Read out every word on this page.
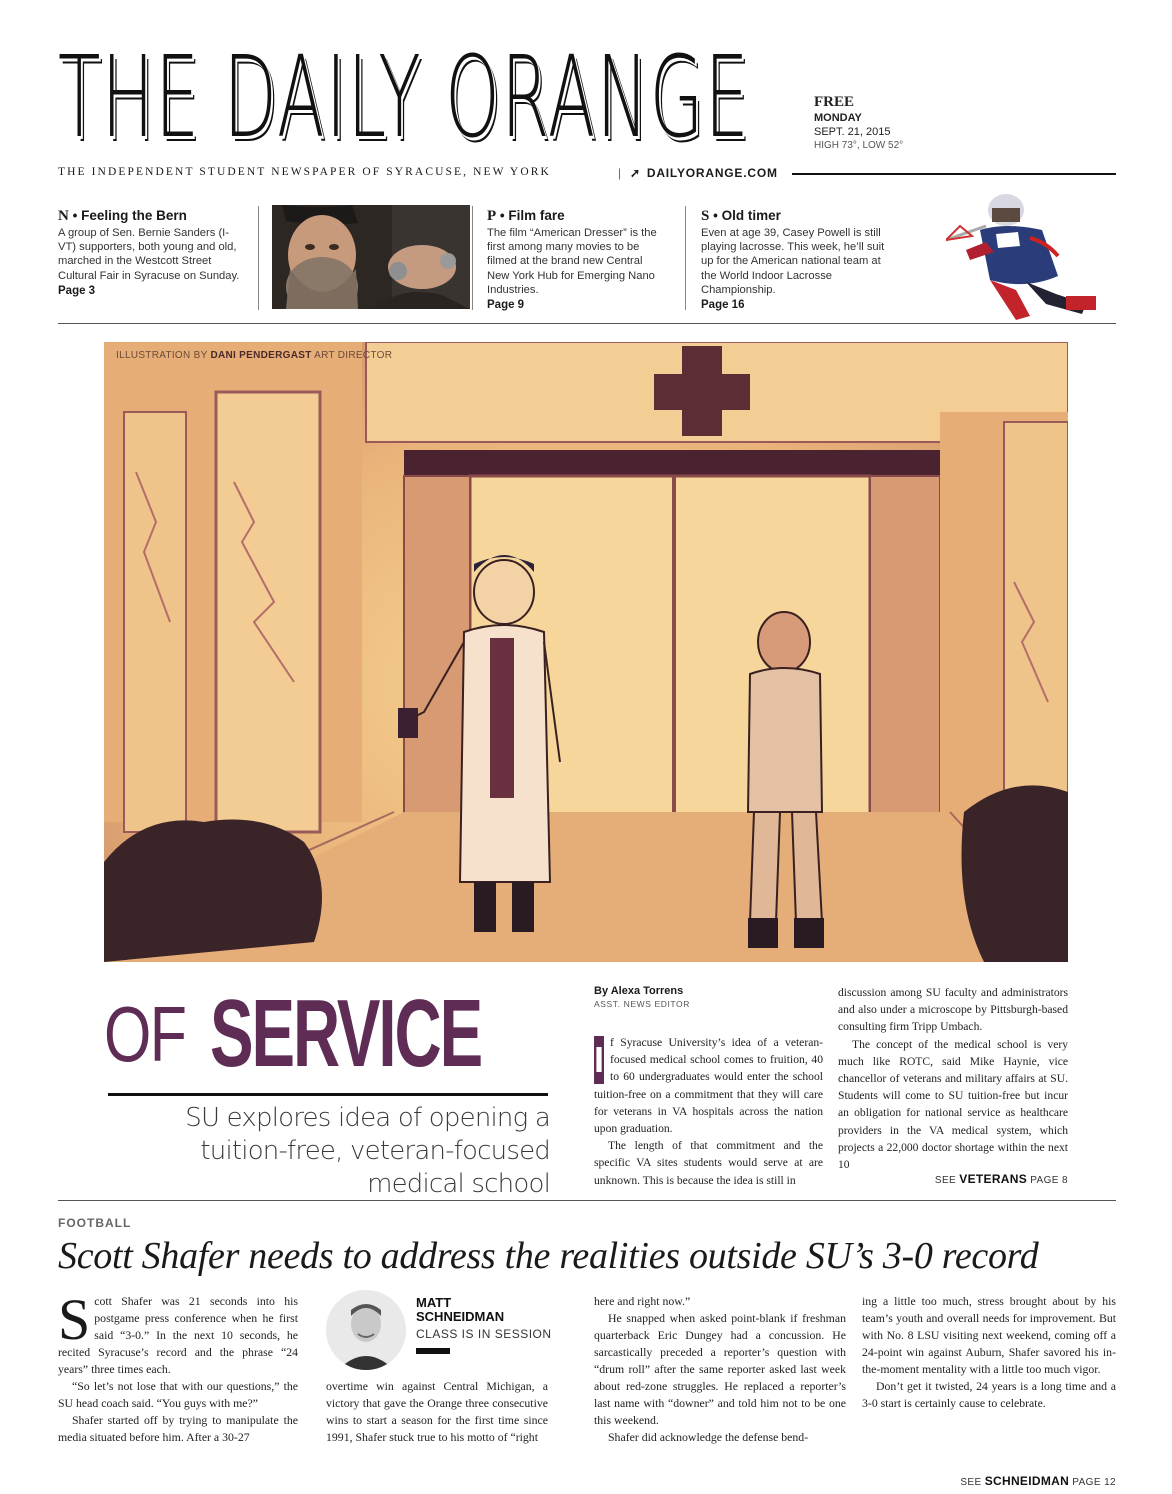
THE DAILY ORANGE	FREE
MONDAY
SEPT. 21, 2015
HIGH 73°, LOW 52°
THE INDEPENDENT STUDENT NEWSPAPER OF SYRACUSE, NEW YORK	| ➚ DAILYORANGE.COM
N • Feeling the Bern
A group of Sen. Bernie Sanders (I-VT) supporters, both young and old, marched in the Westcott Street Cultural Fair in Syracuse on Sunday.
Page 3
P • Film fare
The film “American Dresser” is the first among many movies to be filmed at the brand new Central New York Hub for Emerging Nano Industries.
Page 9
S • Old timer
Even at age 39, Casey Powell is still playing lacrosse. This week, he’ll suit up for the American national team at the World Indoor Lacrosse Championship.
Page 16
ILLUSTRATION BY DANI PENDERGAST ART DIRECTOR
OF SERVICE
SU explores idea of opening a tuition-free, veteran-focused medical school
By Alexa Torrens
ASST. NEWS EDITOR

I f Syracuse University’s idea of a veteran-focused medical school comes to fruition, 40 to 60 undergraduates would enter the school tuition-free on a commitment that they will care for veterans in VA hospitals across the nation upon graduation.

The length of that commitment and the specific VA sites students would serve at are unknown. This is because the idea is still in

discussion among SU faculty and administrators and also under a microscope by Pittsburgh-based consulting firm Tripp Umbach.

The concept of the medical school is very much like ROTC, said Mike Haynie, vice chancellor of veterans and military affairs at SU. Students will come to SU tuition-free but incur an obligation for national service as healthcare providers in the VA medical system, which projects a 22,000 doctor shortage within the next 10

SEE VETERANS PAGE 8
FOOTBALL
Scott Shafer needs to address the realities outside SU’s 3-0 record

Scott Shafer was 21 seconds into his postgame press conference when he first said “3-0.” In the next 10 seconds, he recited Syracuse’s record and the phrase “24 years” three times each.

“So let’s not lose that with our questions,” the SU head coach said. “You guys with me?”

Shafer started off by trying to manipulate the media situated before him. After a 30-27

MATT
SCHNEIDMAN
CLASS IS IN SESSION

overtime win against Central Michigan, a victory that gave the Orange three consecutive wins to start a season for the first time since 1991, Shafer stuck true to his motto of “right

here and right now.”

He snapped when asked point-blank if freshman quarterback Eric Dungey had a concussion. He sarcastically preceded a reporter’s question with “drum roll” after the same reporter asked last week about red-zone struggles. He replaced a reporter’s last name with “downer” and told him not to be one this weekend.

Shafer did acknowledge the defense bend-

ing a little too much, stress brought about by his team’s youth and overall needs for improvement. But with No. 8 LSU visiting next weekend, coming off a 24-point win against Auburn, Shafer savored his in-the-moment mentality with a little too much vigor.

Don’t get it twisted, 24 years is a long time and a 3-0 start is certainly cause to celebrate.

SEE SCHNEIDMAN PAGE 12
